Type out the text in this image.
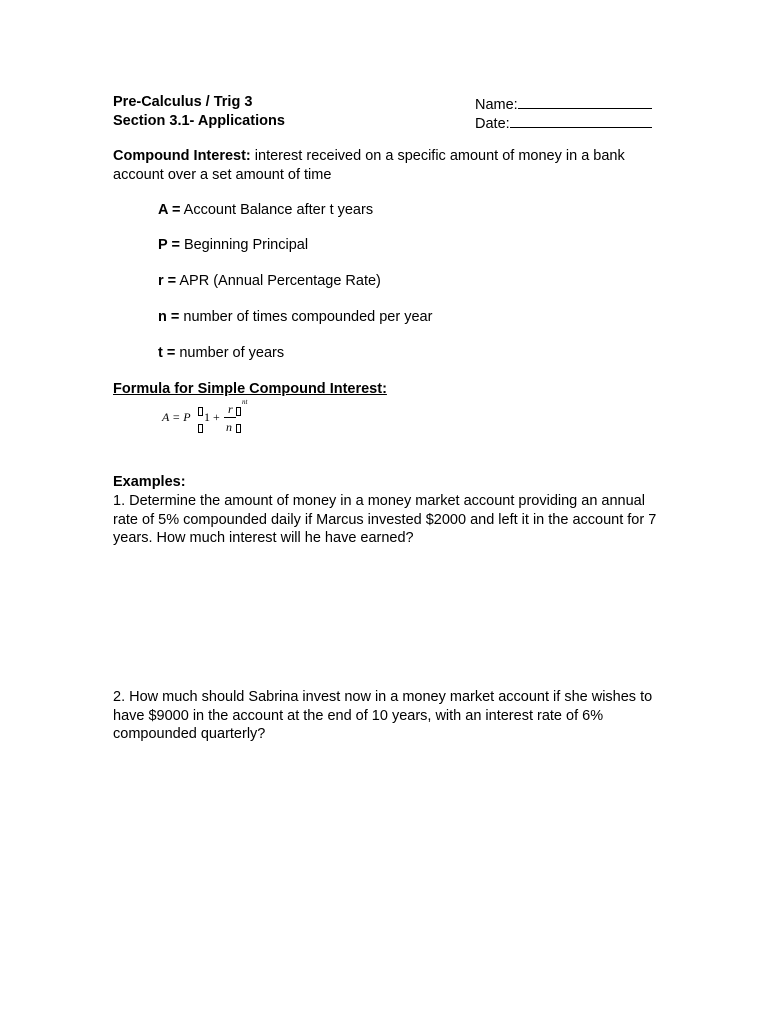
Pre-Calculus / Trig 3
Section 3.1- Applications
Name:
Date:
Compound Interest: interest received on a specific amount of money in a bank account over a set amount of time
A = Account Balance after t years
P = Beginning Principal
r = APR (Annual Percentage Rate)
n = number of times compounded per year
t = number of years
Formula for Simple Compound Interest:
A = P 1 +
r
n
nt
Examples:
1. Determine the amount of money in a money market account providing an annual rate of 5% compounded daily if Marcus invested $2000 and left it in the account for 7 years. How much interest will he have earned?
2. How much should Sabrina invest now in a money market account if she wishes to have $9000 in the account at the end of 10 years, with an interest rate of 6% compounded quarterly?
